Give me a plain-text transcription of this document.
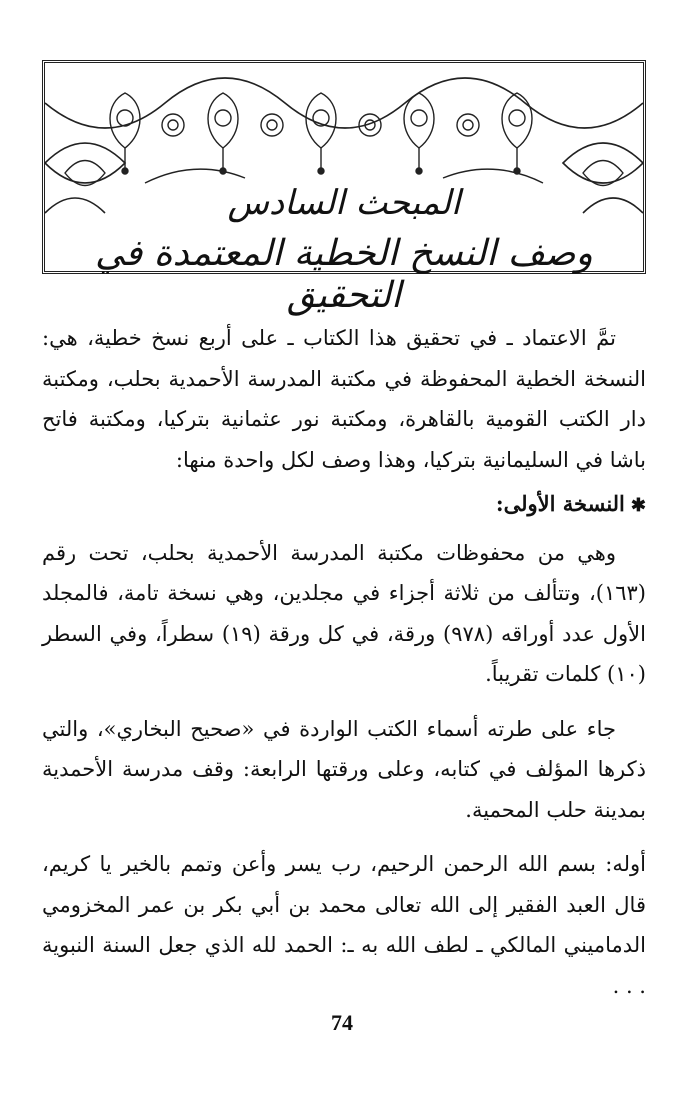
المبحث السادس
وصف النسخ الخطية المعتمدة في التحقيق

تمَّ الاعتماد ـ في تحقيق هذا الكتاب ـ على أربع نسخ خطية، هي: النسخة الخطية المحفوظة في مكتبة المدرسة الأحمدية بحلب، ومكتبة دار الكتب القومية بالقاهرة، ومكتبة نور عثمانية بتركيا، ومكتبة فاتح باشا في السليمانية بتركيا، وهذا وصف لكل واحدة منها:

✱النسخة الأولى:

وهي من محفوظات مكتبة المدرسة الأحمدية بحلب، تحت رقم (١٦٣)، وتتألف من ثلاثة أجزاء في مجلدين، وهي نسخة تامة، فالمجلد الأول عدد أوراقه (٩٧٨) ورقة، في كل ورقة (١٩) سطراً، وفي السطر (١٠) كلمات تقريباً.

جاء على طرته أسماء الكتب الواردة في «صحيح البخاري»، والتي ذكرها المؤلف في كتابه، وعلى ورقتها الرابعة: وقف مدرسة الأحمدية بمدينة حلب المحمية.

أوله: بسم الله الرحمن الرحيم، رب يسر وأعن وتمم بالخير يا كريم، قال العبد الفقير إلى الله تعالى محمد بن أبي بكر بن عمر المخزومي الدماميني المالكي ـ لطف الله به ـ: الحمد لله الذي جعل السنة النبوية . . .

74
